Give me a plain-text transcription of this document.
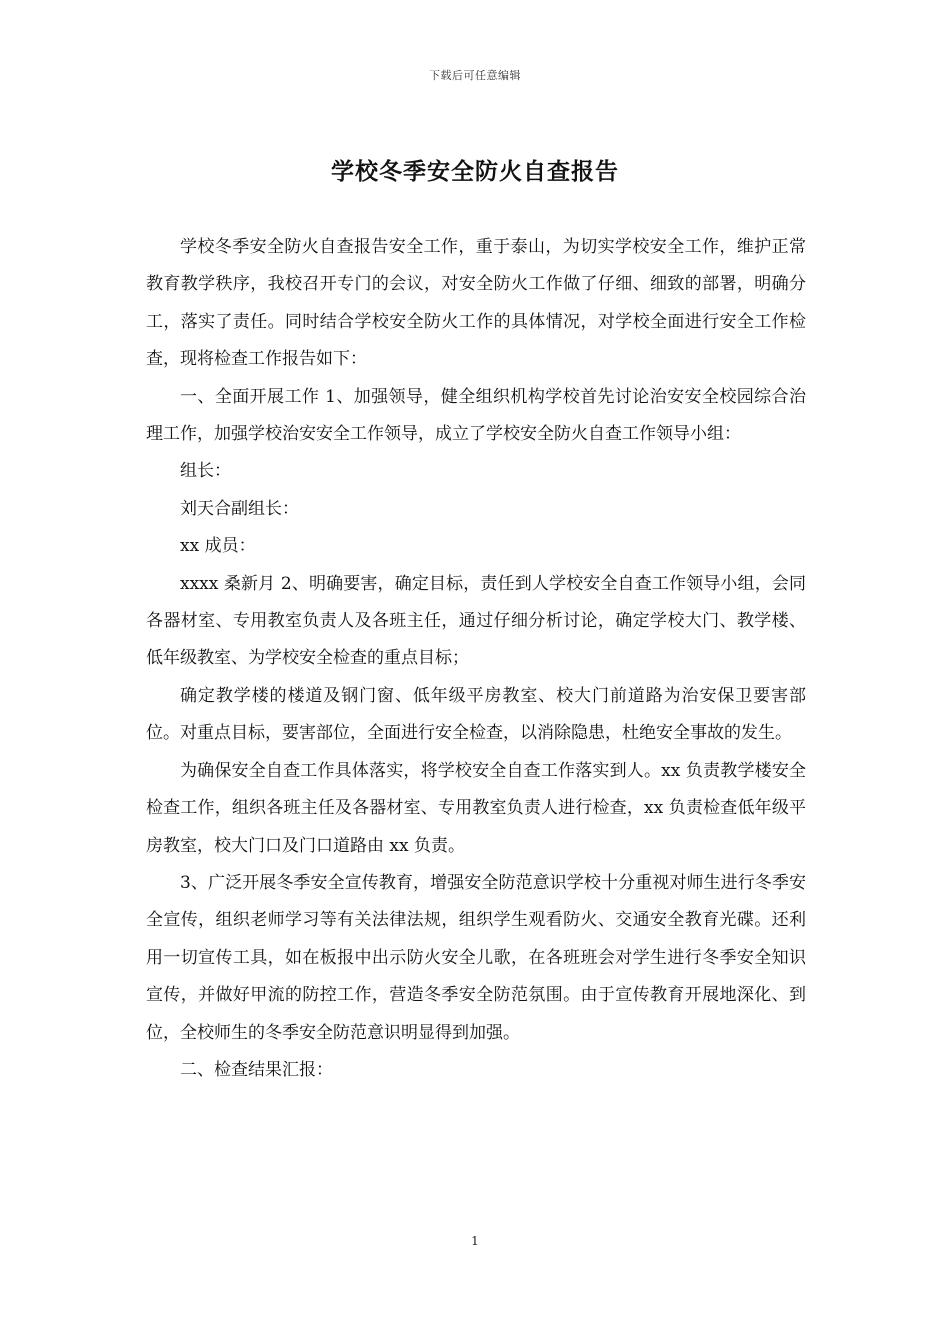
下载后可任意编辑
学校冬季安全防火自查报告

学校冬季安全防火自查报告安全工作，重于泰山，为切实学校安全工作，维护正常教育教学秩序，我校召开专门的会议，对安全防火工作做了仔细、细致的部署，明确分工，落实了责任。同时结合学校安全防火工作的具体情况，对学校全面进行安全工作检查，现将检查工作报告如下：

一、全面开展工作 1、加强领导，健全组织机构学校首先讨论治安安全校园综合治理工作，加强学校治安安全工作领导，成立了学校安全防火自查工作领导小组：

组长：

刘天合副组长：

xx 成员：

xxxx 桑新月 2、明确要害，确定目标，责任到人学校安全自查工作领导小组，会同各器材室、专用教室负责人及各班主任，通过仔细分析讨论，确定学校大门、教学楼、低年级教室、为学校安全检查的重点目标；

确定教学楼的楼道及钢门窗、低年级平房教室、校大门前道路为治安保卫要害部位。对重点目标，要害部位，全面进行安全检查，以消除隐患，杜绝安全事故的发生。

为确保安全自查工作具体落实，将学校安全自查工作落实到人。xx 负责教学楼安全检查工作，组织各班主任及各器材室、专用教室负责人进行检查，xx 负责检查低年级平房教室，校大门口及门口道路由 xx 负责。

3、广泛开展冬季安全宣传教育，增强安全防范意识学校十分重视对师生进行冬季安全宣传，组织老师学习等有关法律法规，组织学生观看防火、交通安全教育光碟。还利用一切宣传工具，如在板报中出示防火安全儿歌，在各班班会对学生进行冬季安全知识宣传，并做好甲流的防控工作，营造冬季安全防范氛围。由于宣传教育开展地深化、到位，全校师生的冬季安全防范意识明显得到加强。

二、检查结果汇报：

1
